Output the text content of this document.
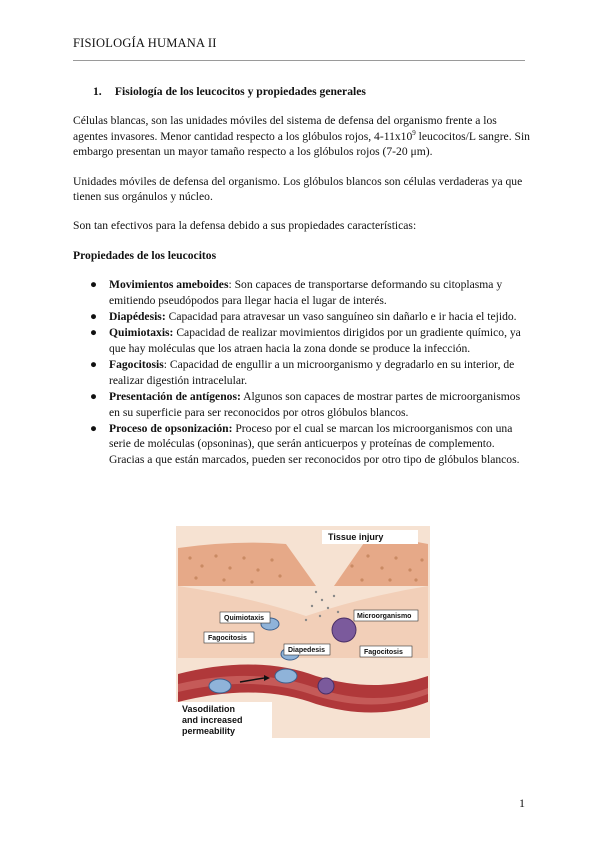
FISIOLOGÍA HUMANA II
1. Fisiología de los leucocitos y propiedades generales

Células blancas, son las unidades móviles del sistema de defensa del organismo frente a los agentes invasores. Menor cantidad respecto a los glóbulos rojos, $4-11x10^9$ leucocitos/L sangre. Sin embargo presentan un mayor tamaño respecto a los glóbulos rojos (7-20 μm).

Unidades móviles de defensa del organismo. Los glóbulos blancos son células verdaderas ya que tienen sus orgánulos y núcleo.

Son tan efectivos para la defensa debido a sus propiedades características:

Propiedades de los leucocitos
● Movimientos ameboides: Son capaces de transportarse deformando su citoplasma y emitiendo pseudópodos para llegar hacia el lugar de interés.
● Diapédesis: Capacidad para atravesar un vaso sanguíneo sin dañarlo e ir hacia el tejido.
● Quimiotaxis: Capacidad de realizar movimientos dirigidos por un gradiente químico, ya que hay moléculas que los atraen hacia la zona donde se produce la infección.
● Fagocitosis: Capacidad de engullir a un microorganismo y degradarlo en su interior, de realizar digestión intracelular.
● Presentación de antígenos: Algunos son capaces de mostrar partes de microorganismos en su superficie para ser reconocidos por otros glóbulos blancos.
● Proceso de opsonización: Proceso por el cual se marcan los microorganismos con una serie de moléculas (opsoninas), que serán anticuerpos y proteínas de complemento. Gracias a que están marcados, pueden ser reconocidos por otro tipo de glóbulos blancos.
Tissue injury
Quimiotaxis
Fagocitosis
Microorganismo
Diapedesis	Fagocitosis
Vasodilation
and increased
permeability
1
